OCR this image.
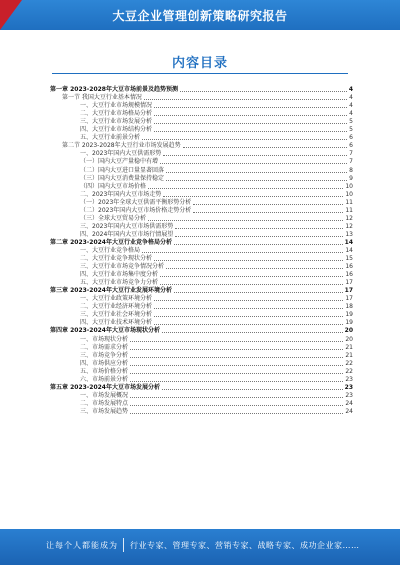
大豆企业管理创新策略研究报告
内容目录
第一章 2023-2028年大豆市场前景及趋势预测	4
第一节 我国大豆行业基本情况	4
一、大豆行业市场规模情况	4
二、大豆行业市场格局分析	4
三、大豆行业市场发展分析	5
四、大豆行业市场结构分析	5
五、大豆行业前景分析	6
第二节 2023-2028年大豆行业市场发展趋势	6
一、2023年国内大豆供需形势	7
（一）国内大豆产量稳中有增	7
（二）国内大豆进口量显著回落	8
（三）国内大豆消费量保持稳定	9
（四）国内大豆市场价格	10
二、2023年国内大豆市场走势	10
（一）2023年全球大豆供需平衡形势分析	11
（二）2023年国内大豆市场价格走势分析	11
（三）全球大豆贸易分析	12
三、2023年国内大豆市场供需形势	12
四、2024年国内大豆市场行情展望	13
第二章 2023-2024年大豆行业竞争格局分析	14
一、大豆行业竞争格局	14
二、大豆行业竞争现状分析	15
三、大豆行业市场竞争情况分析	16
四、大豆行业市场集中度分析	16
五、大豆行业市场竞争力分析	17
第三章 2023-2024年大豆行业发展环境分析	17
一、大豆行业政策环境分析	17
二、大豆行业经济环境分析	18
三、大豆行业社会环境分析	19
四、大豆行业技术环境分析	19
第四章 2023-2024年大豆市场现状分析	20
一、市场现状分析	20
二、市场需求分析	21
三、市场竞争分析	21
四、市场供应分析	22
五、市场价格分析	22
六、市场前景分析	23
第五章 2023-2024年大豆市场发展分析	23
一、市场发展概况	23
二、市场发展特点	24
三、市场发展趋势	24
让每个人都能成为 行业专家、管理专家、营销专家、战略专家、成功企业家……
